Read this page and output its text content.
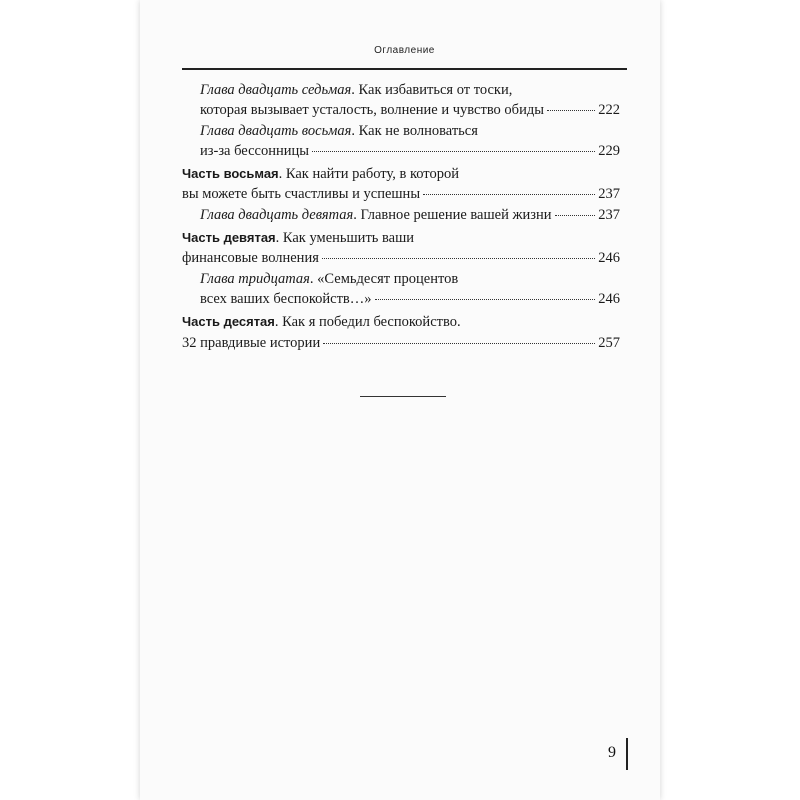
Оглавление
Глава двадцать седьмая. Как избавиться от тоски,
которая вызывает усталость, волнение и чувство обиды	222
Глава двадцать восьмая. Как не волноваться
из-за бессонницы	229
Часть восьмая. Как найти работу, в которой
вы можете быть счастливы и успешны	237
Глава двадцать девятая. Главное решение вашей жизни	237
Часть девятая. Как уменьшить ваши
финансовые волнения	246
Глава тридцатая. «Семьдесят процентов
всех ваших беспокойств…»	246
Часть десятая. Как я победил беспокойство.
32 правдивые истории	257
9
